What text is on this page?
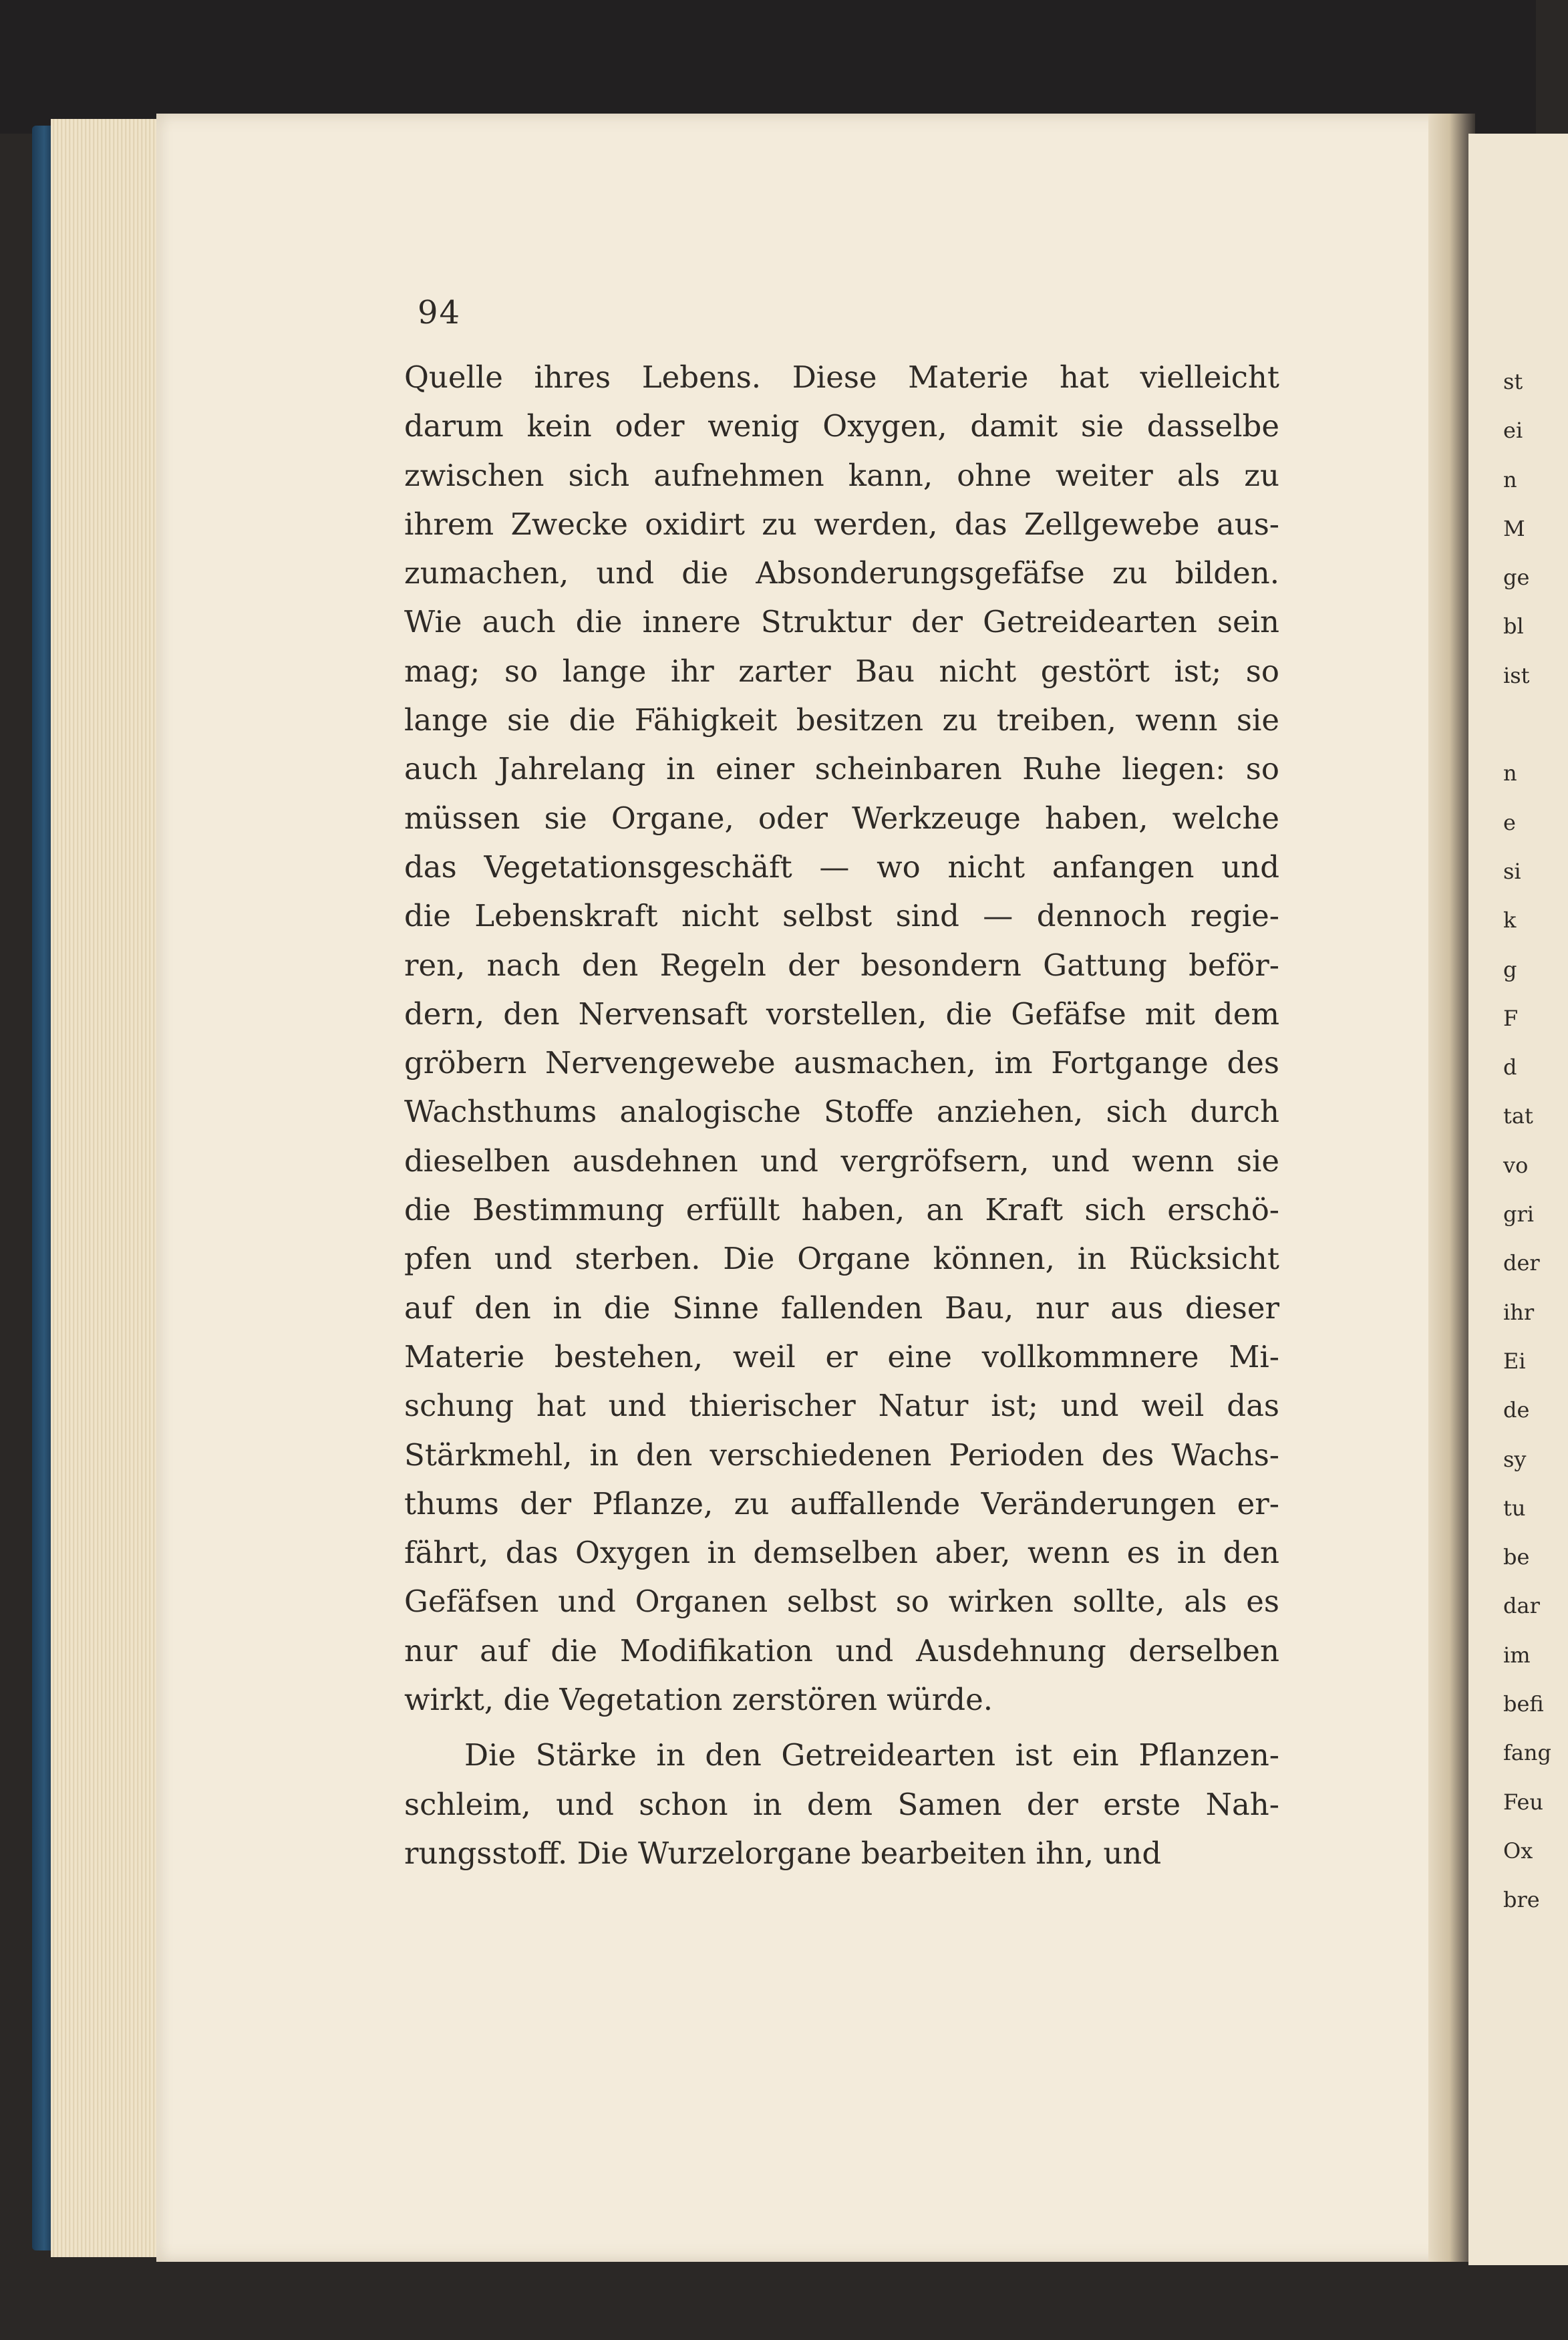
94
Quelle ihres Lebens. Diese Materie hat vielleicht
darum kein oder wenig Oxygen, damit sie dasselbe
zwischen sich aufnehmen kann, ohne weiter als zu
ihrem Zwecke oxidirt zu werden, das Zellgewebe aus-
zumachen, und die Absonderungsgefäfse zu bilden.
Wie auch die innere Struktur der Getreidearten sein
mag; so lange ihr zarter Bau nicht gestört ist; so
lange sie die Fähigkeit besitzen zu treiben, wenn sie
auch Jahrelang in einer scheinbaren Ruhe liegen: so
müssen sie Organe, oder Werkzeuge haben, welche
das Vegetationsgeschäft — wo nicht anfangen und
die Lebenskraft nicht selbst sind — dennoch regie-
ren, nach den Regeln der besondern Gattung beför-
dern, den Nervensaft vorstellen, die Gefäfse mit dem
gröbern Nervengewebe ausmachen, im Fortgange des
Wachsthums analogische Stoffe anziehen, sich durch
dieselben ausdehnen und vergröfsern, und wenn sie
die Bestimmung erfüllt haben, an Kraft sich erschö-
pfen und sterben. Die Organe können, in Rücksicht
auf den in die Sinne fallenden Bau, nur aus dieser
Materie bestehen, weil er eine vollkommnere Mi-
schung hat und thierischer Natur ist; und weil das
Stärkmehl, in den verschiedenen Perioden des Wachs-
thums der Pflanze, zu auffallende Veränderungen er-
fährt, das Oxygen in demselben aber, wenn es in den
Gefäfsen und Organen selbst so wirken sollte, als es
nur auf die Modifikation und Ausdehnung derselben
wirkt, die Vegetation zerstören würde.
Die Stärke in den Getreidearten ist ein Pflanzen-
schleim, und schon in dem Samen der erste Nah-
rungsstoff. Die Wurzelorgane bearbeiten ihn, und
st
ei
n
M
ge
bl
ist
n
e
si
k
g
F
d
tat
vo
gri
der
ihr
Ei
de
sy
tu
be
dar
im
befi
fang
Feu
Ox
bre
